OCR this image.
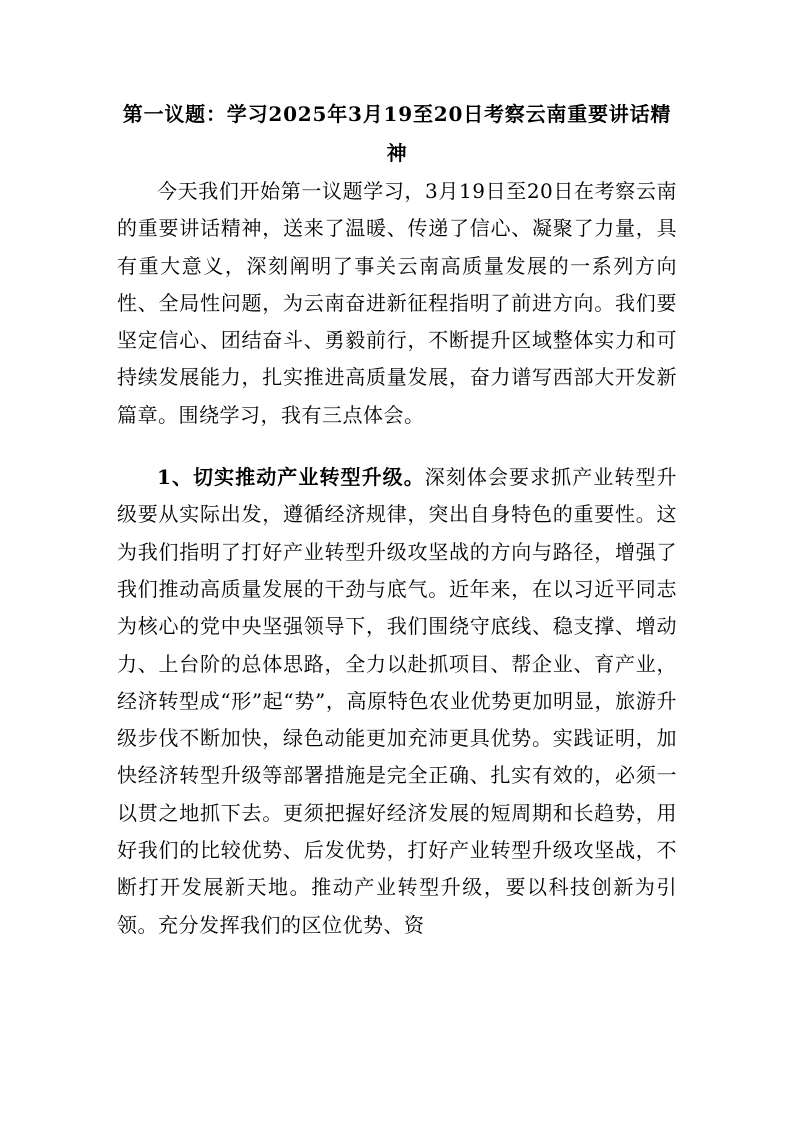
第一议题：学习2025年3月19至20日考察云南重要讲话精神

今天我们开始第一议题学习，3月19日至20日在考察云南的重要讲话精神，送来了温暖、传递了信心、凝聚了力量，具有重大意义，深刻阐明了事关云南高质量发展的一系列方向性、全局性问题，为云南奋进新征程指明了前进方向。我们要坚定信心、团结奋斗、勇毅前行，不断提升区域整体实力和可持续发展能力，扎实推进高质量发展，奋力谱写西部大开发新篇章。围绕学习，我有三点体会。

1、切实推动产业转型升级。深刻体会要求抓产业转型升级要从实际出发，遵循经济规律，突出自身特色的重要性。这为我们指明了打好产业转型升级攻坚战的方向与路径，增强了我们推动高质量发展的干劲与底气。近年来，在以习近平同志为核心的党中央坚强领导下，我们围绕守底线、稳支撑、增动力、上台阶的总体思路，全力以赴抓项目、帮企业、育产业，经济转型成“形”起“势”，高原特色农业优势更加明显，旅游升级步伐不断加快，绿色动能更加充沛更具优势。实践证明，加快经济转型升级等部署措施是完全正确、扎实有效的，必须一以贯之地抓下去。更须把握好经济发展的短周期和长趋势，用好我们的比较优势、后发优势，打好产业转型升级攻坚战，不断打开发展新天地。推动产业转型升级，要以科技创新为引领。充分发挥我们的区位优势、资
